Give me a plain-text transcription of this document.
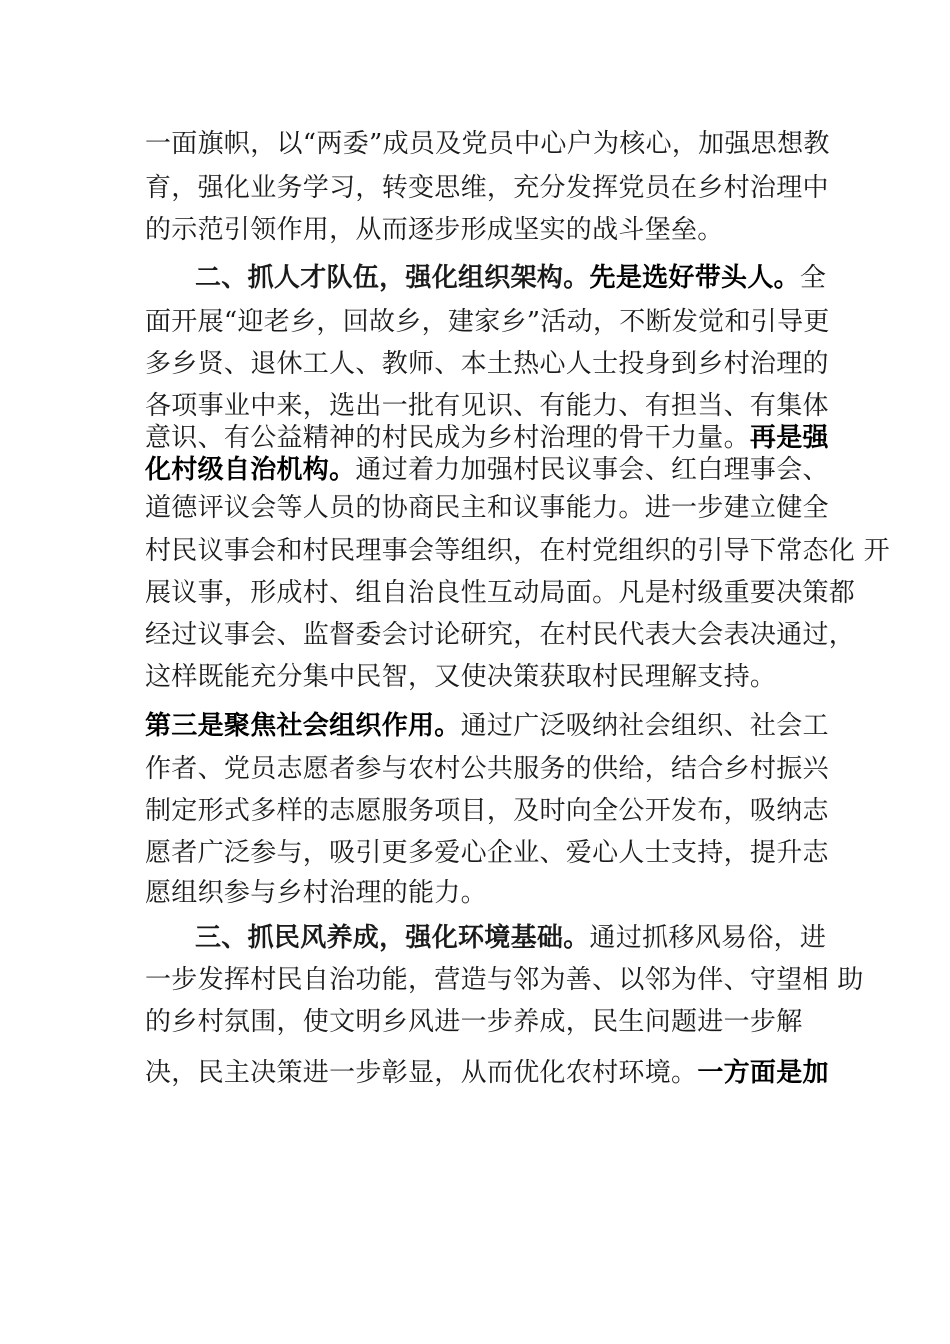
一面旗帜，以“两委”成员及党员中心户为核心，加强思想教
育，强化业务学习，转变思维，充分发挥党员在乡村治理中
的示范引领作用，从而逐步形成坚实的战斗堡垒。
二、抓人才队伍，强化组织架构。先是选好带头人。全
面开展“迎老乡，回故乡，建家乡”活动，不断发觉和引导更
多乡贤、退休工人、教师、本土热心人士投身到乡村治理的
各项事业中来，选出一批有见识、有能力、有担当、有集体
意识、有公益精神的村民成为乡村治理的骨干力量。再是强
化村级自治机构。通过着力加强村民议事会、红白理事会、
道德评议会等人员的协商民主和议事能力。进一步建立健全
村民议事会和村民理事会等组织，在村党组织的引导下常态化 开
展议事，形成村、组自治良性互动局面。凡是村级重要决策都
经过议事会、监督委会讨论研究，在村民代表大会表决通过，
这样既能充分集中民智，又使决策获取村民理解支持。
第三是聚焦社会组织作用。通过广泛吸纳社会组织、社会工
作者、党员志愿者参与农村公共服务的供给，结合乡村振兴
制定形式多样的志愿服务项目，及时向全公开发布，吸纳志
愿者广泛参与，吸引更多爱心企业、爱心人士支持，提升志
愿组织参与乡村治理的能力。
三、抓民风养成，强化环境基础。通过抓移风易俗，进
一步发挥村民自治功能，营造与邻为善、以邻为伴、守望相 助
的乡村氛围，使文明乡风进一步养成，民生问题进一步解
决，民主决策进一步彰显，从而优化农村环境。一方面是加
